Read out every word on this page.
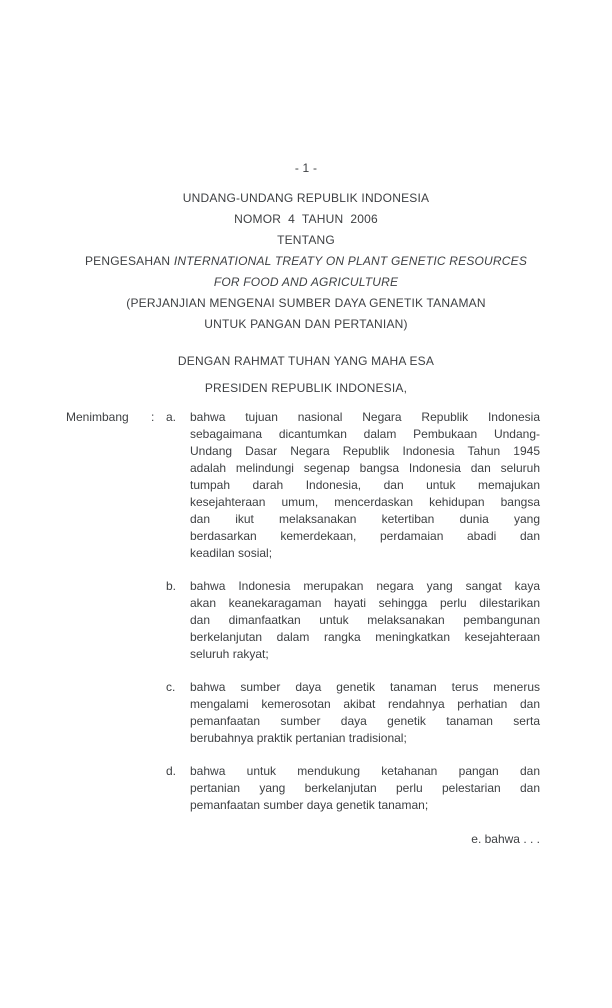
- 1 -
UNDANG-UNDANG REPUBLIK INDONESIA
NOMOR  4  TAHUN  2006
TENTANG
PENGESAHAN INTERNATIONAL TREATY ON PLANT GENETIC RESOURCES
FOR FOOD AND AGRICULTURE
(PERJANJIAN MENGENAI SUMBER DAYA GENETIK TANAMAN
UNTUK PANGAN DAN PERTANIAN)
DENGAN RAHMAT TUHAN YANG MAHA ESA
PRESIDEN REPUBLIK INDONESIA,
Menimbang : a. bahwa tujuan nasional Negara Republik Indonesia
sebagaimana dicantumkan dalam Pembukaan Undang-
Undang Dasar Negara Republik Indonesia Tahun 1945
adalah melindungi segenap bangsa Indonesia dan seluruh
tumpah darah Indonesia, dan untuk memajukan
kesejahteraan umum, mencerdaskan kehidupan bangsa
dan ikut melaksanakan ketertiban dunia yang
berdasarkan kemerdekaan, perdamaian abadi dan
keadilan sosial;
b. bahwa Indonesia merupakan negara yang sangat kaya
akan keanekaragaman hayati sehingga perlu dilestarikan
dan dimanfaatkan untuk melaksanakan pembangunan
berkelanjutan dalam rangka meningkatkan kesejahteraan
seluruh rakyat;
c. bahwa sumber daya genetik tanaman terus menerus
mengalami kemerosotan akibat rendahnya perhatian dan
pemanfaatan sumber daya genetik tanaman serta
berubahnya praktik pertanian tradisional;
d. bahwa untuk mendukung ketahanan pangan dan
pertanian yang berkelanjutan perlu pelestarian dan
pemanfaatan sumber daya genetik tanaman;
e. bahwa . . .
